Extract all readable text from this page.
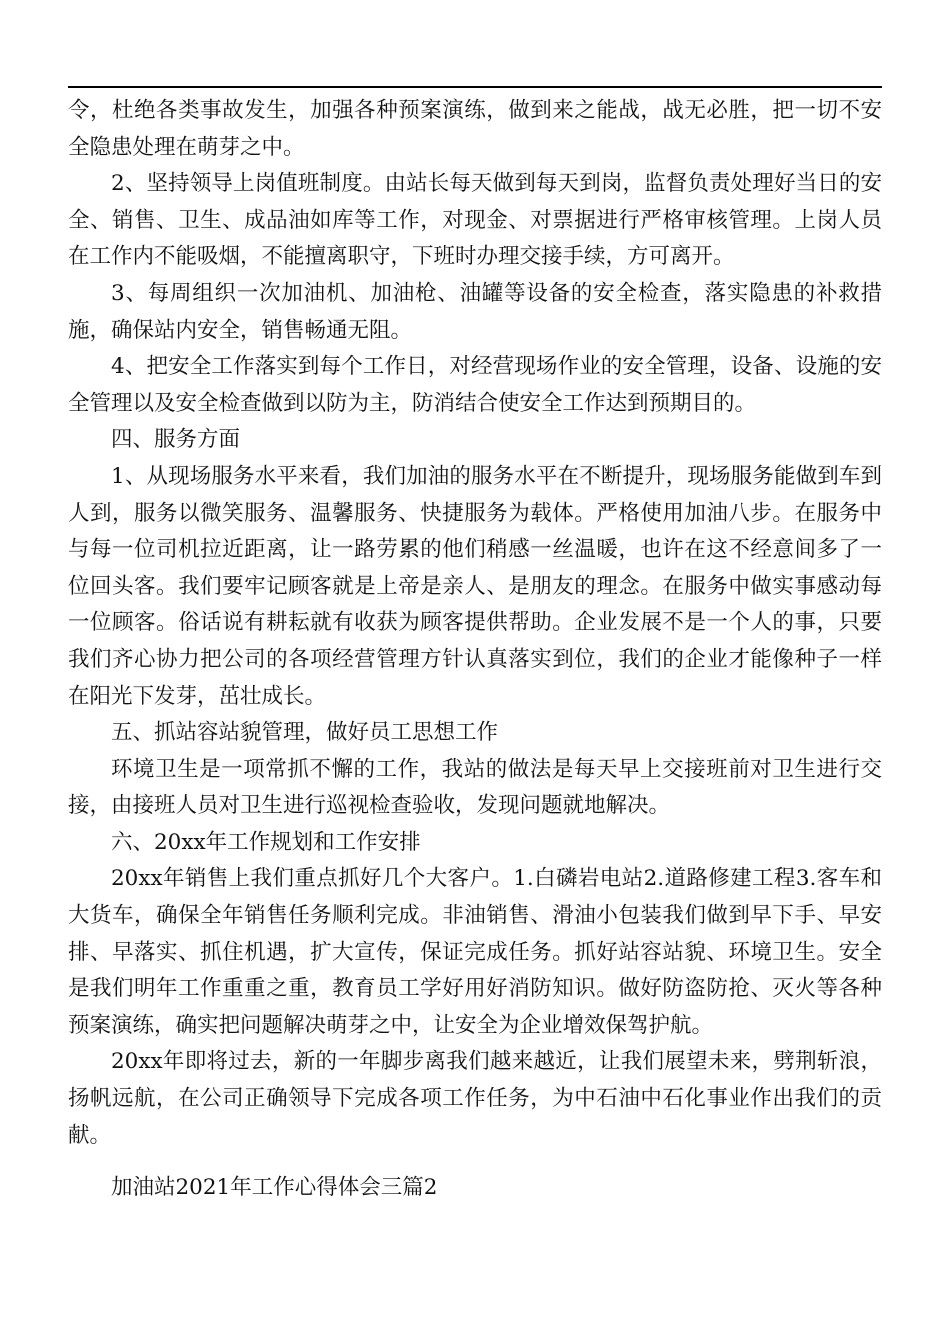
令，杜绝各类事故发生，加强各种预案演练，做到来之能战，战无必胜，把一切不安全隐患处理在萌芽之中。

2、坚持领导上岗值班制度。由站长每天做到每天到岗，监督负责处理好当日的安全、销售、卫生、成品油如库等工作，对现金、对票据进行严格审核管理。上岗人员在工作内不能吸烟，不能擅离职守，下班时办理交接手续，方可离开。

3、每周组织一次加油机、加油枪、油罐等设备的安全检查，落实隐患的补救措施，确保站内安全，销售畅通无阻。

4、把安全工作落实到每个工作日，对经营现场作业的安全管理，设备、设施的安全管理以及安全检查做到以防为主，防消结合使安全工作达到预期目的。

四、服务方面

1、从现场服务水平来看，我们加油的服务水平在不断提升，现场服务能做到车到人到，服务以微笑服务、温馨服务、快捷服务为载体。严格使用加油八步。在服务中与每一位司机拉近距离，让一路劳累的他们稍感一丝温暖，也许在这不经意间多了一位回头客。我们要牢记顾客就是上帝是亲人、是朋友的理念。在服务中做实事感动每一位顾客。俗话说有耕耘就有收获为顾客提供帮助。企业发展不是一个人的事，只要我们齐心协力把公司的各项经营管理方针认真落实到位，我们的企业才能像种子一样在阳光下发芽，茁壮成长。

五、抓站容站貌管理，做好员工思想工作

环境卫生是一项常抓不懈的工作，我站的做法是每天早上交接班前对卫生进行交接，由接班人员对卫生进行巡视检查验收，发现问题就地解决。

六、20xx年工作规划和工作安排

20xx年销售上我们重点抓好几个大客户。1.白磷岩电站2.道路修建工程3.客车和大货车，确保全年销售任务顺利完成。非油销售、滑油小包装我们做到早下手、早安排、早落实、抓住机遇，扩大宣传，保证完成任务。抓好站容站貌、环境卫生。安全是我们明年工作重重之重，教育员工学好用好消防知识。做好防盗防抢、灭火等各种预案演练，确实把问题解决萌芽之中，让安全为企业增效保驾护航。

20xx年即将过去，新的一年脚步离我们越来越近，让我们展望未来，劈荆斩浪，扬帆远航，在公司正确领导下完成各项工作任务，为中石油中石化事业作出我们的贡献。

加油站2021年工作心得体会三篇2
